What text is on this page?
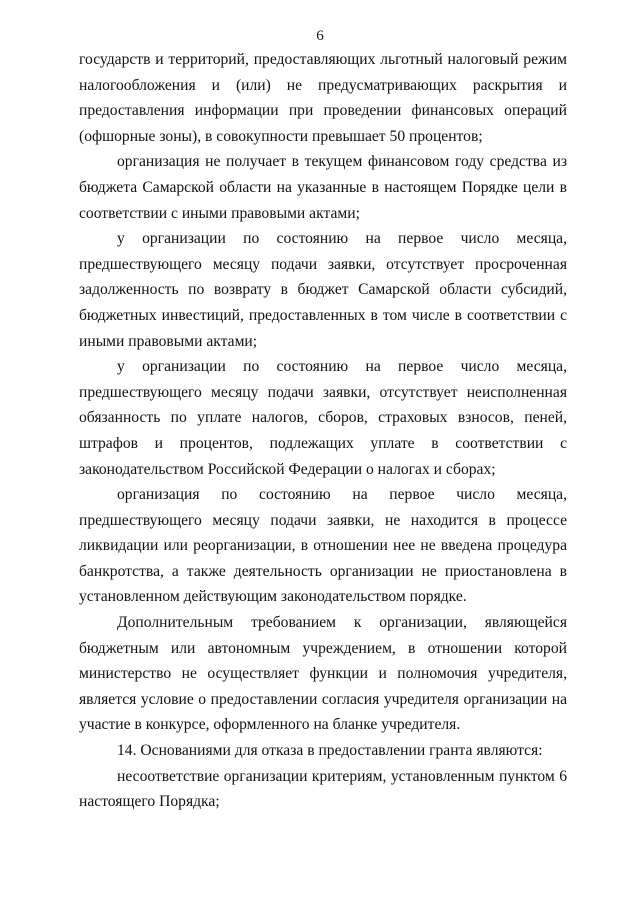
6

государств и территорий, предоставляющих льготный налоговый режим налогообложения и (или) не предусматривающих раскрытия и предоставления информации при проведении финансовых операций (офшорные зоны), в совокупности превышает 50 процентов;

организация не получает в текущем финансовом году средства из бюджета Самарской области на указанные в настоящем Порядке цели в соответствии с иными правовыми актами;

у организации по состоянию на первое число месяца, предшествующего месяцу подачи заявки, отсутствует просроченная задолженность по возврату в бюджет Самарской области субсидий, бюджетных инвестиций, предоставленных в том числе в соответствии с иными правовыми актами;

у организации по состоянию на первое число месяца, предшествующего месяцу подачи заявки, отсутствует неисполненная обязанность по уплате налогов, сборов, страховых взносов, пеней, штрафов и процентов, подлежащих уплате в соответствии с законодательством Российской Федерации о налогах и сборах;

организация по состоянию на первое число месяца, предшествующего месяцу подачи заявки, не находится в процессе ликвидации или реорганизации, в отношении нее не введена процедура банкротства, а также деятельность организации не приостановлена в установленном действующим законодательством порядке.

Дополнительным требованием к организации, являющейся бюджетным или автономным учреждением, в отношении которой министерство не осуществляет функции и полномочия учредителя, является условие о предоставлении согласия учредителя организации на участие в конкурсе, оформленного на бланке учредителя.

14. Основаниями для отказа в предоставлении гранта являются:

несоответствие организации критериям, установленным пунктом 6 настоящего Порядка;
